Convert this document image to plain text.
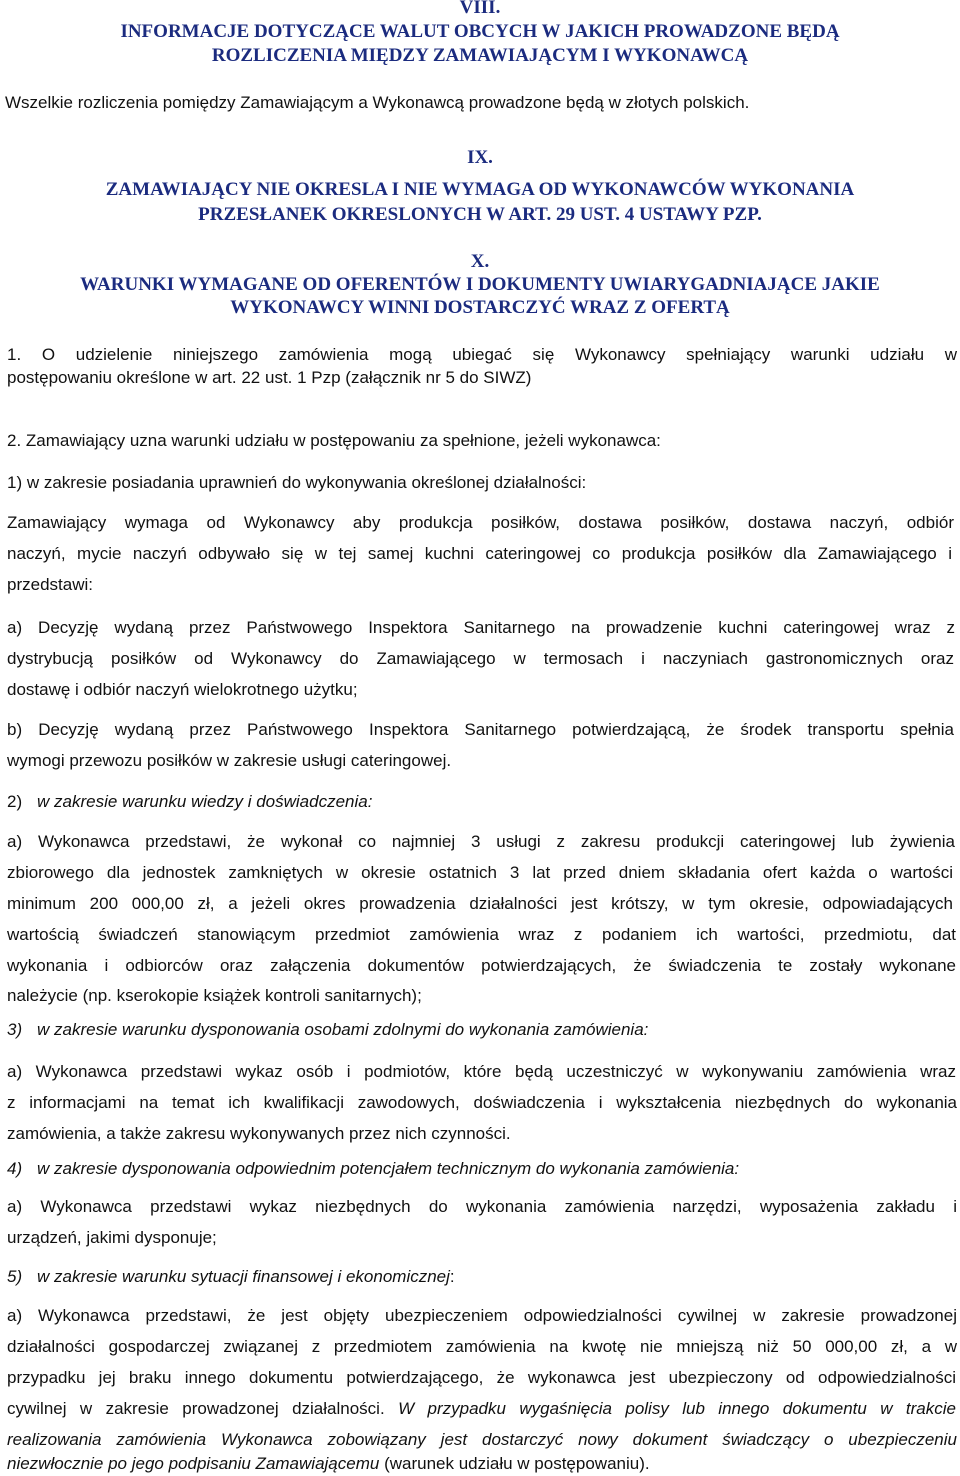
VIII.
INFORMACJE DOTYCZĄCE WALUT OBCYCH W JAKICH PROWADZONE BĘDĄ
ROZLICZENIA MIĘDZY ZAMAWIAJĄCYM I WYKONAWCĄ
Wszelkie rozliczenia pomiędzy Zamawiającym a Wykonawcą prowadzone będą w złotych polskich.
IX.
ZAMAWIAJĄCY NIE OKRESLA I NIE WYMAGA OD WYKONAWCÓW WYKONANIA
PRZESŁANEK OKRESLONYCH W ART. 29 UST. 4 USTAWY PZP.
X.
WARUNKI WYMAGANE OD OFERENTÓW I DOKUMENTY UWIARYGADNIAJĄCE JAKIE
WYKONAWCY WINNI DOSTARCZYĆ WRAZ Z OFERTĄ
1. O udzielenie niniejszego zamówienia mogą ubiegać się Wykonawcy spełniający warunki udziału w
postępowaniu określone w art. 22 ust. 1 Pzp (załącznik nr 5 do SIWZ)
2. Zamawiający uzna warunki udziału w postępowaniu za spełnione, jeżeli wykonawca:
1) w zakresie posiadania uprawnień do wykonywania określonej działalności:
Zamawiający wymaga od Wykonawcy aby produkcja posiłków, dostawa posiłków, dostawa naczyń, odbiór
naczyń, mycie naczyń odbywało się w tej samej kuchni cateringowej co produkcja posiłków dla Zamawiającego i
przedstawi:
a) Decyzję wydaną przez Państwowego Inspektora Sanitarnego na prowadzenie kuchni cateringowej wraz z
dystrybucją posiłków od Wykonawcy do Zamawiającego w termosach i naczyniach gastronomicznych oraz
dostawę i odbiór naczyń wielokrotnego użytku;
b) Decyzję wydaną przez Państwowego Inspektora Sanitarnego potwierdzającą, że środek transportu spełnia
wymogi przewozu posiłków w zakresie usługi cateringowej.
2) w zakresie warunku wiedzy i doświadczenia:
a) Wykonawca przedstawi, że wykonał co najmniej 3 usługi z zakresu produkcji cateringowej lub żywienia
zbiorowego dla jednostek zamkniętych w okresie ostatnich 3 lat przed dniem składania ofert każda o wartości
minimum 200 000,00 zł, a jeżeli okres prowadzenia działalności jest krótszy, w tym okresie, odpowiadających
wartością świadczeń stanowiącym przedmiot zamówienia wraz z podaniem ich wartości, przedmiotu, dat
wykonania i odbiorców oraz załączenia dokumentów potwierdzających, że świadczenia te zostały wykonane
należycie (np. kserokopie książek kontroli sanitarnych);
3) w zakresie warunku dysponowania osobami zdolnymi do wykonania zamówienia:
a) Wykonawca przedstawi wykaz osób i podmiotów, które będą uczestniczyć w wykonywaniu zamówienia wraz
z informacjami na temat ich kwalifikacji zawodowych, doświadczenia i wykształcenia niezbędnych do wykonania
zamówienia, a także zakresu wykonywanych przez nich czynności.
4) w zakresie dysponowania odpowiednim potencjałem technicznym do wykonania zamówienia:
a) Wykonawca przedstawi wykaz niezbędnych do wykonania zamówienia narzędzi, wyposażenia zakładu i
urządzeń, jakimi dysponuje;
5) w zakresie warunku sytuacji finansowej i ekonomicznej:
a) Wykonawca przedstawi, że jest objęty ubezpieczeniem odpowiedzialności cywilnej w zakresie prowadzonej
działalności gospodarczej związanej z przedmiotem zamówienia na kwotę nie mniejszą niż 50 000,00 zł, a w
przypadku jej braku innego dokumentu potwierdzającego, że wykonawca jest ubezpieczony od odpowiedzialności
cywilnej w zakresie prowadzonej działalności. W przypadku wygaśnięcia polisy lub innego dokumentu w trakcie
realizowania zamówienia Wykonawca zobowiązany jest dostarczyć nowy dokument świadczący o ubezpieczeniu
niezwłocznie po jego podpisaniu Zamawiającemu (warunek udziału w postępowaniu).
